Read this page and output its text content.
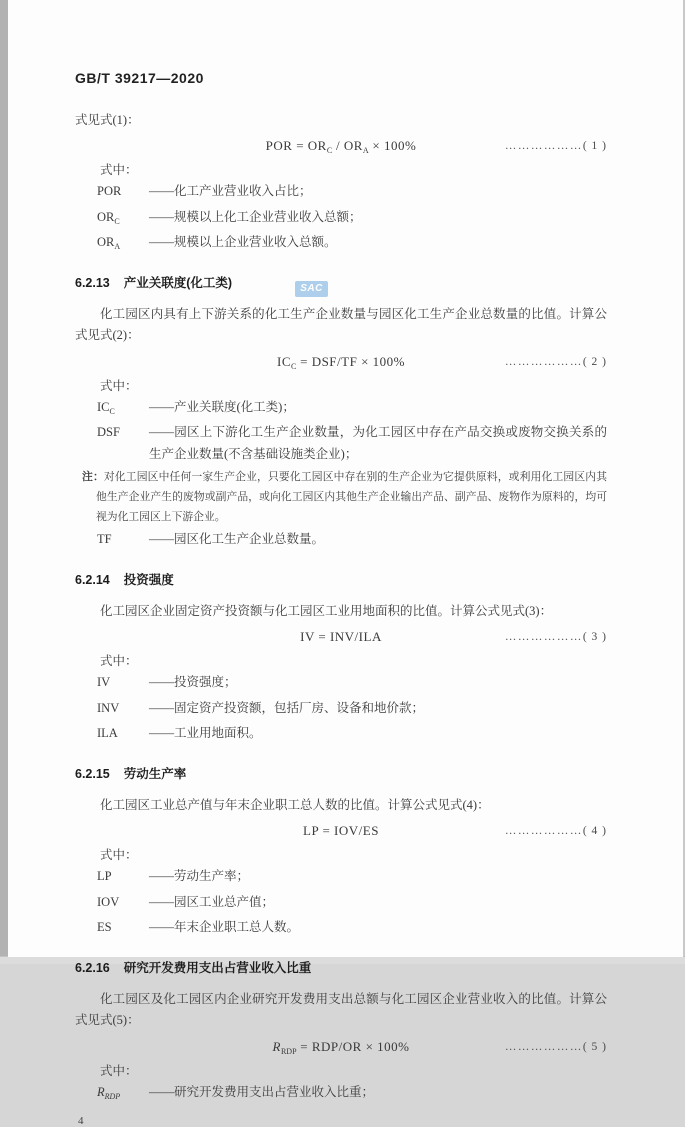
GB/T 39217—2020
式见式(1)：
POR = $OR_C / OR_A \times 100\%$	………………( 1 )
式中：
POR	——化工产业营业收入占比；
$OR_C$	——规模以上化工企业营业收入总额；
$OR_A$	——规模以上企业营业收入总额。
6.2.13 产业关联度(化工类)

化工园区内具有上下游关系的化工生产企业数量与园区化工生产企业总数量的比值。计算公式见式(2)：

$IC_C = DSF/TF \times 100\%$	………………( 2 )
式中：
$IC_C$	——产业关联度(化工类)；
DSF	——园区上下游化工生产企业数量，为化工园区中存在产品交换或废物交换关系的生产企业数量(不含基础设施类企业)；
注：对化工园区中任何一家生产企业，只要化工园区中存在别的生产企业为它提供原料，或利用化工园区内其他生产企业产生的废物或副产品，或向化工园区内其他生产企业输出产品、副产品、废物作为原料的，均可视为化工园区上下游企业。
TF	——园区化工生产企业总数量。
6.2.14 投资强度

化工园区企业固定资产投资额与化工园区工业用地面积的比值。计算公式见式(3)：

IV = INV/ILA	………………( 3 )
式中：
IV	——投资强度；
INV	——固定资产投资额，包括厂房、设备和地价款；
ILA	——工业用地面积。
6.2.15 劳动生产率

化工园区工业总产值与年末企业职工总人数的比值。计算公式见式(4)：

LP = IOV/ES	………………( 4 )
式中：
LP	——劳动生产率；
IOV	——园区工业总产值；
ES	——年末企业职工总人数。
6.2.16 研究开发费用支出占营业收入比重

化工园区及化工园区内企业研究开发费用支出总额与化工园区企业营业收入的比值。计算公式见式(5)：

$R_{RDP} = RDP/OR \times 100\%$	………………( 5 )
式中：
$R_{RDP}$	——研究开发费用支出占营业收入比重；
4
SAC
